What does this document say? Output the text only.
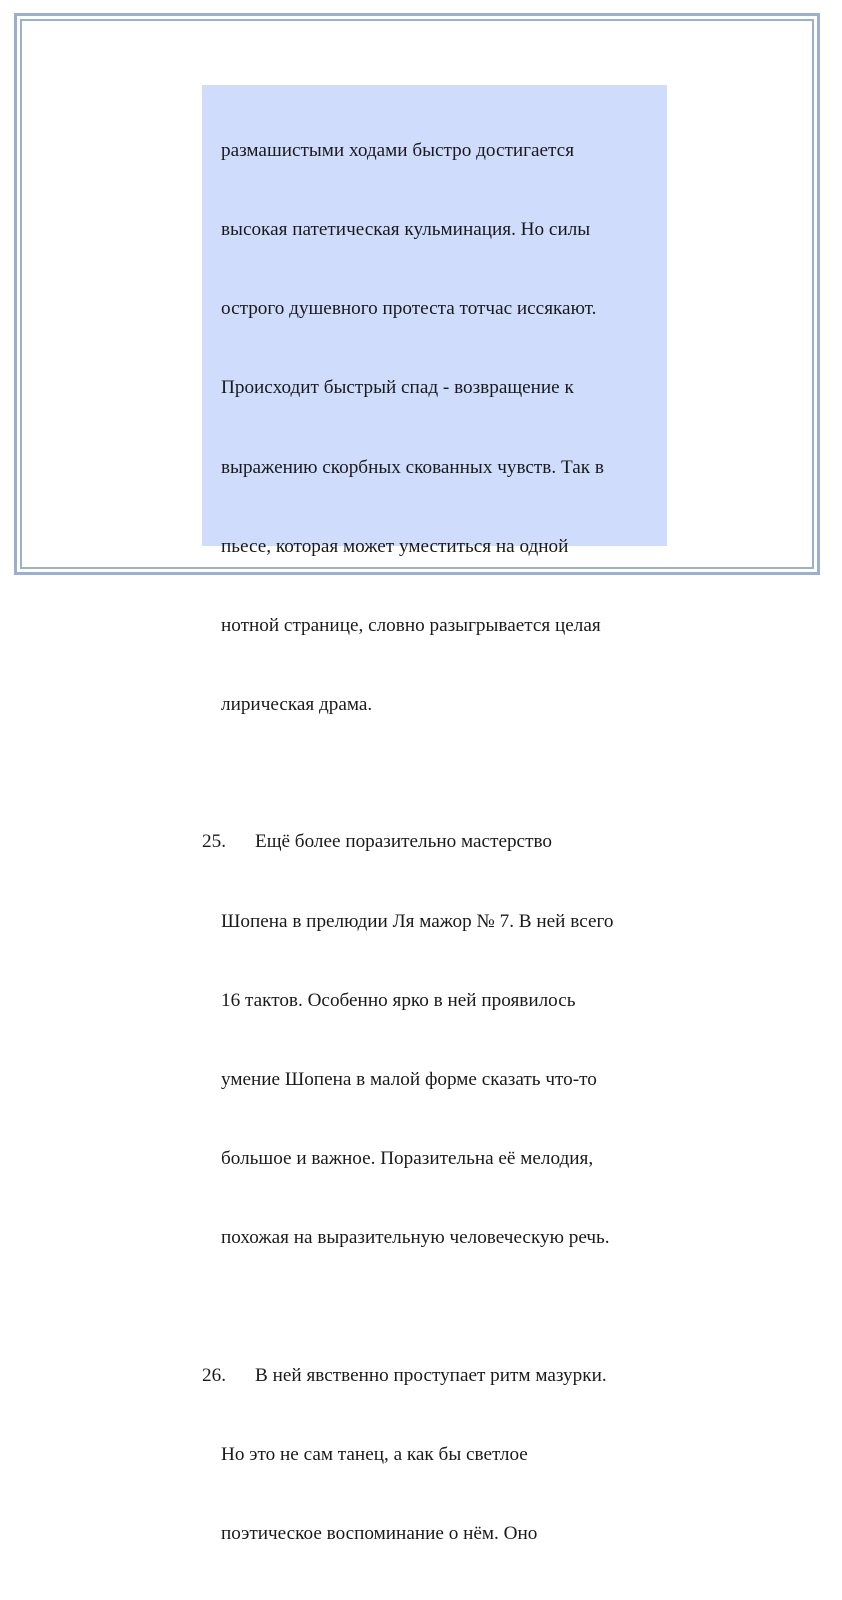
размашистыми ходами быстро достигается

высокая патетическая кульминация. Но силы

острого душевного протеста тотчас иссякают.

Происходит быстрый спад - возвращение к

выражению скорбных скованных чувств. Так в

пьесе, которая может уместиться на одной

нотной странице, словно разыгрывается целая

лирическая драма.

25. Ещё более поразительно мастерство

Шопена в прелюдии Ля мажор № 7. В ней всего

16 тактов. Особенно ярко в ней проявилось

умение Шопена в малой форме сказать что-то

большое и важное. Поразительна её мелодия,

похожая на выразительную человеческую речь.

26. В ней явственно проступает ритм мазурки.

Но это не сам танец, а как бы светлое

поэтическое воспоминание о нём. Оно
